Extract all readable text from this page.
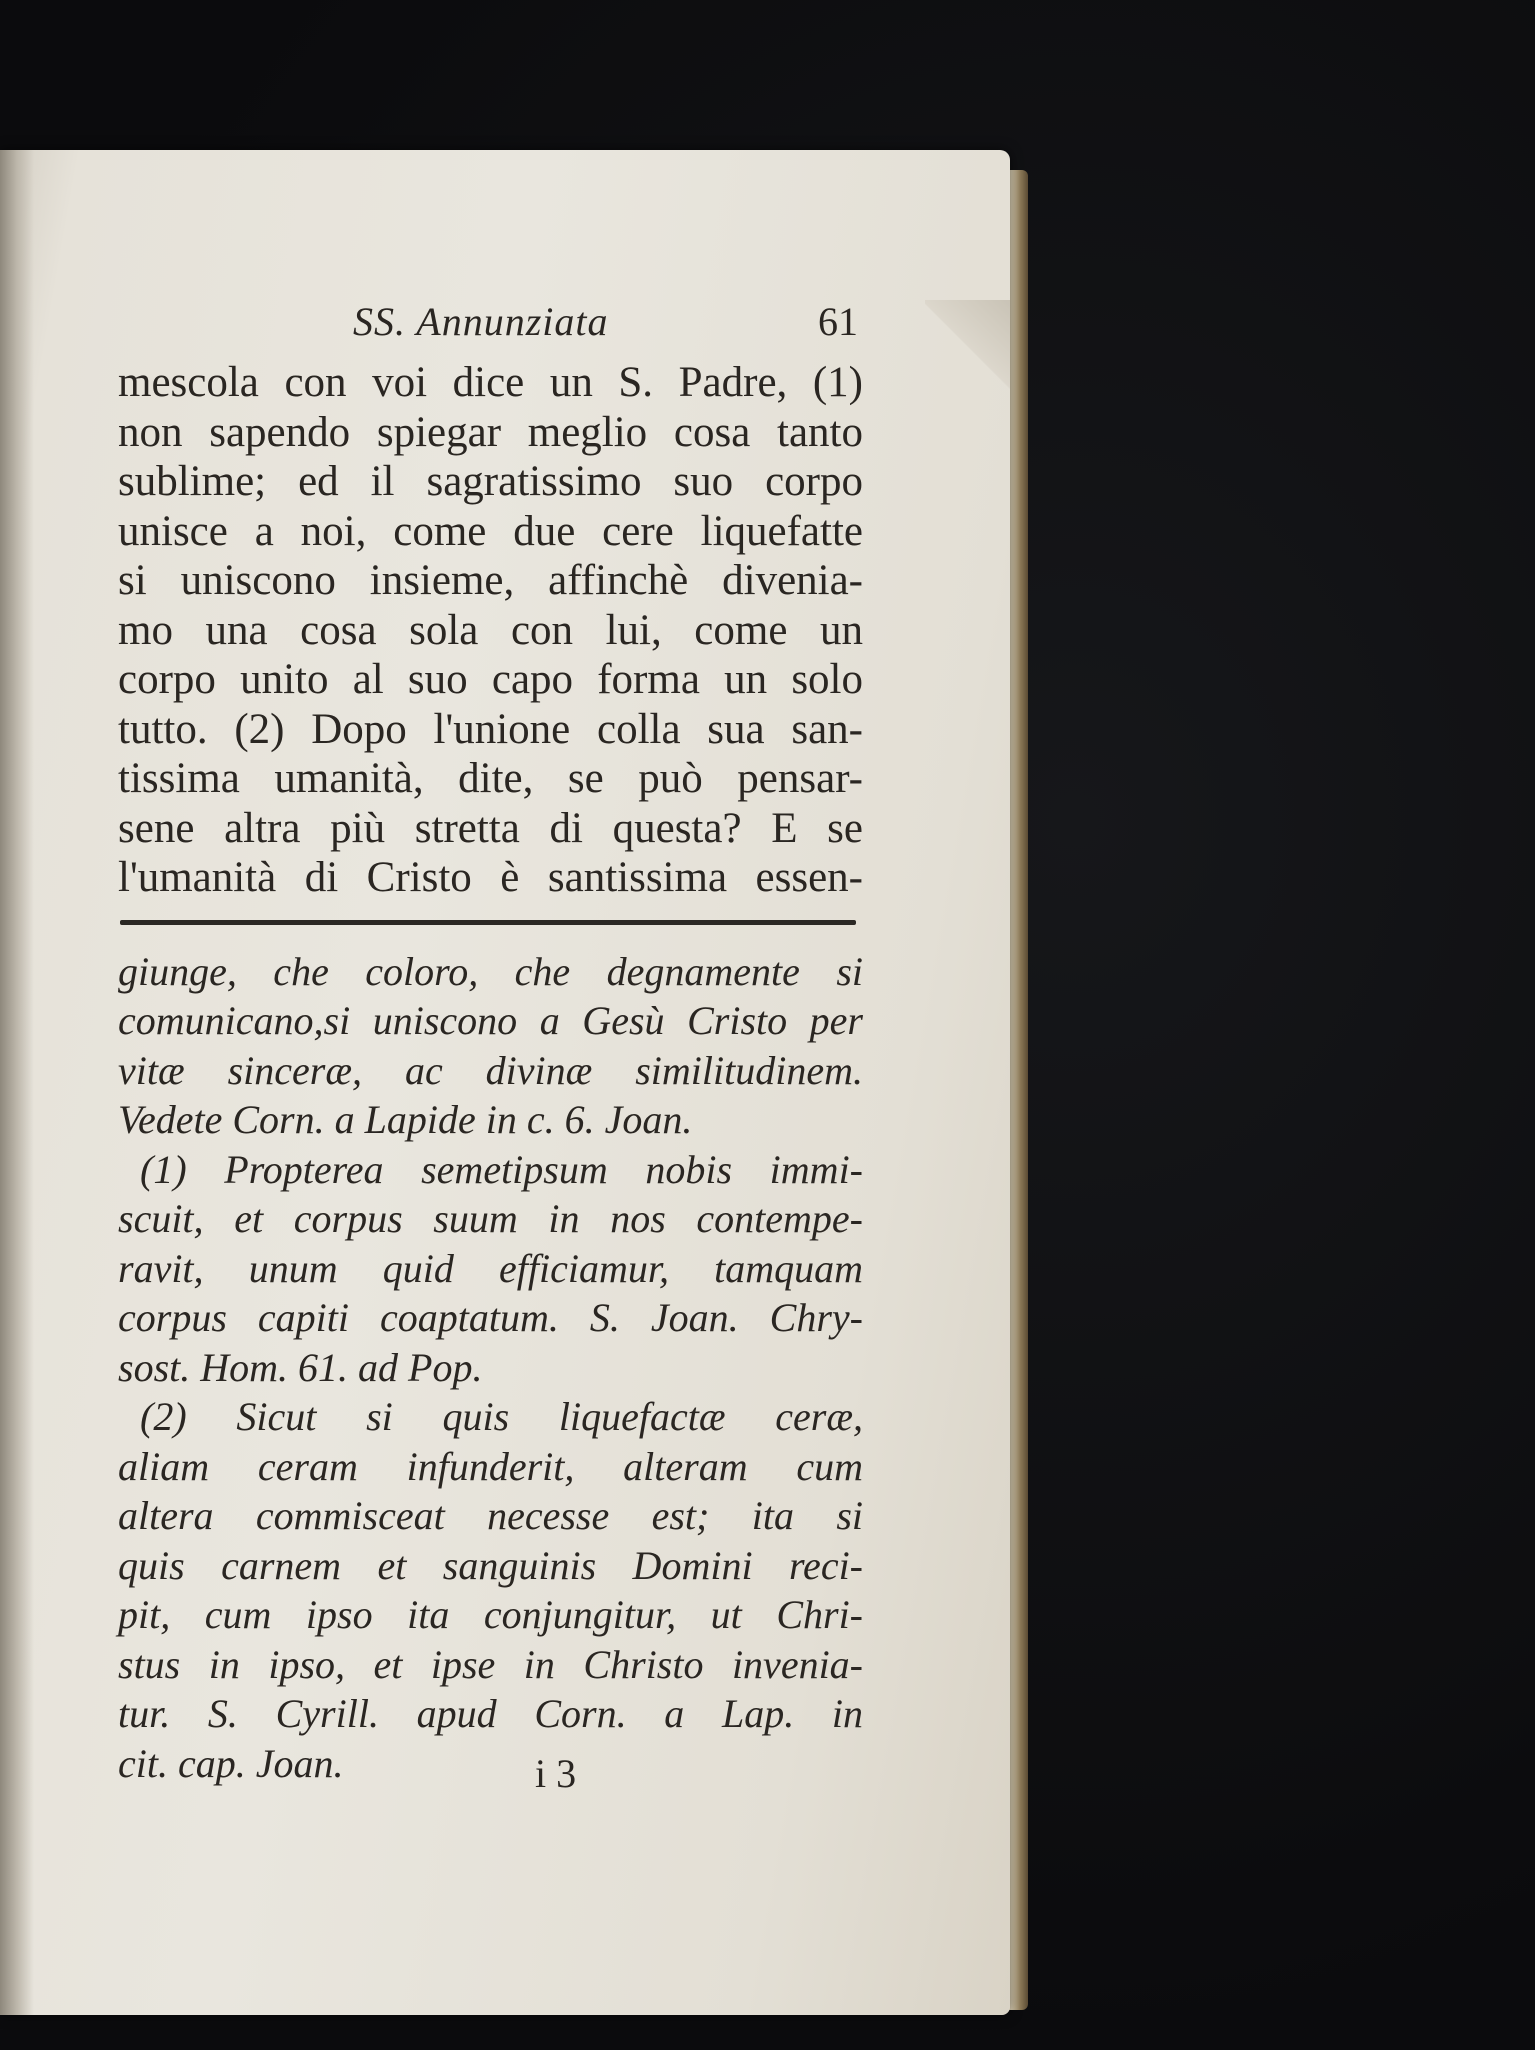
SS. Annunziata	61
mescola con voi dice un S. Padre, (1)
non sapendo spiegar meglio cosa tanto
sublime; ed il sagratissimo suo corpo
unisce a noi, come due cere liquefatte
si uniscono insieme, affinchè divenia-
mo una cosa sola con lui, come un
corpo unito al suo capo forma un solo
tutto. (2) Dopo l'unione colla sua san-
tissima umanità, dite, se può pensar-
sene altra più stretta di questa? E se
l'umanità di Cristo è santissima essen-
giunge, che coloro, che degnamente si
comunicano,si uniscono a Gesù Cristo per
vitæ sinceræ, ac divinæ similitudinem.
Vedete Corn. a Lapide in c. 6. Joan.
(1) Propterea semetipsum nobis immi-
scuit, et corpus suum in nos contempe-
ravit, unum quid efficiamur, tamquam
corpus capiti coaptatum. S. Joan. Chry-
sost. Hom. 61. ad Pop.
(2) Sicut si quis liquefactæ ceræ,
aliam ceram infunderit, alteram cum
altera commisceat necesse est; ita si
quis carnem et sanguinis Domini reci-
pit, cum ipso ita conjungitur, ut Chri-
stus in ipso, et ipse in Christo invenia-
tur. S. Cyrill. apud Corn. a Lap. in
cit. cap. Joan.	i 3
